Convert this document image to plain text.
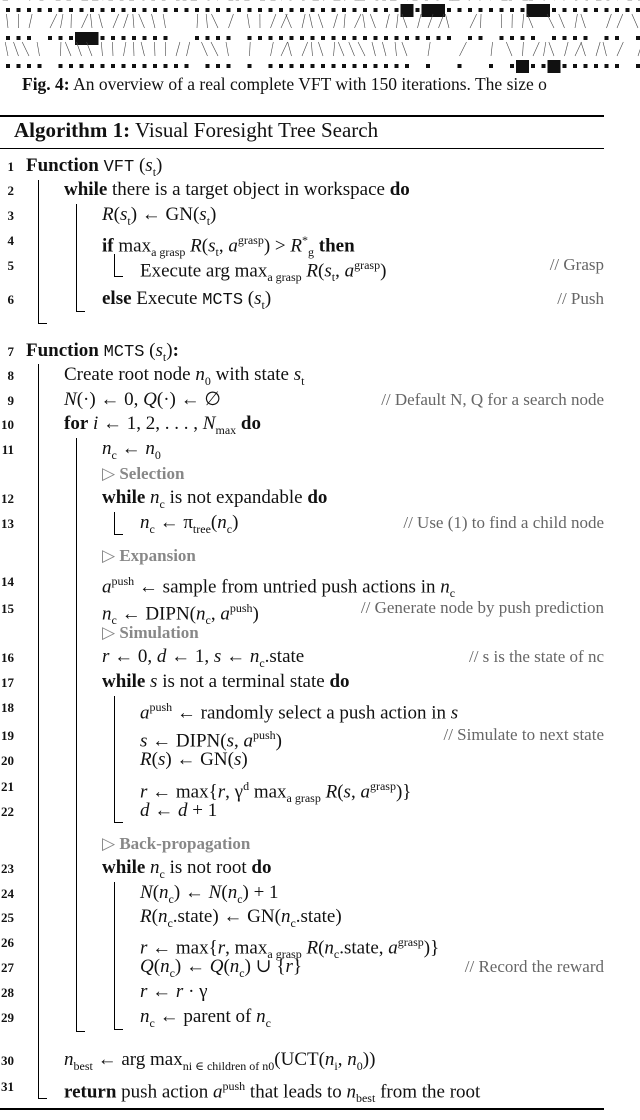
Fig. 4: An overview of a real complete VFT with 150 iterations. The size o
Algorithm 1: Visual Foresight Tree Search
1 Function VFT $(s_t)$
2	while there is a target object in workspace do
3	$R(s_t)$ ← $GN(s_t)$
4	if $\max_{a grasp} R(s_t$, $a^{grasp}) > R^*_g$ then
5	Execute arg $\max_{a grasp} R(s_t$, $a^{grasp}$)	// Grasp
6	else Execute MCTS $(s_t)$	// Push
7 Function MCTS $(s_t)$:
8	Create root node $n_0$ with state $s_t$
9	N(·) ← 0, Q(·) ← ∅	// Default N, Q for a search node
10	for i ← 1, 2, . . . , $N_{max}$ do
11	$n_c$ ← $n_0$
▷ Selection
12	while $n_c$ is not expandable do
13	$n_c$ ← $\pi_{tree}(n_c)$	// Use (1) to find a child node
▷ Expansion
14	$a^{push}$ ← sample from untried push actions in $n_c$
15	$n_c$ ← $DIPN(n_c$, $a^{push}$)	// Generate node by push prediction
▷ Simulation
16	r ← 0, d ← 1, s ← $n_c.state$	// s is the state of nc
17	while s is not a terminal state do
18	$a^{push}$ ← randomly select a push action in s
19	s ← DIPN(s, $a^{push}$)	// Simulate to next state
20	R(s) ← GN(s)
21	r ← max{r, $\gamma^d$ $\max_{a grasp} R(s$, $a^{grasp}$)}
22	d ← d + 1
▷ Back-propagation
23	while $n_c$ is not root do
24	$N(n_c)$ ← $N(n_c) + 1$
25	$R(n_c.state)$ ← $GN(n_c.state)$
26	r ← max{r, $\max_{a grasp}$ $R(n_c.state$, $a^{grasp}$)}
27	$Q(n_c)$ ← $Q(n_c)$ ∪ {r}	// Record the reward
28	r ← r · γ
29	$n_c$ ← parent of $n_c$
30	$n_{best}$ ← arg $\max_{ni \in children of n0}(UCT(n_i$, $n_0$))
31	return push action $a^{push}$ that leads to $n_{best}$ from the root
